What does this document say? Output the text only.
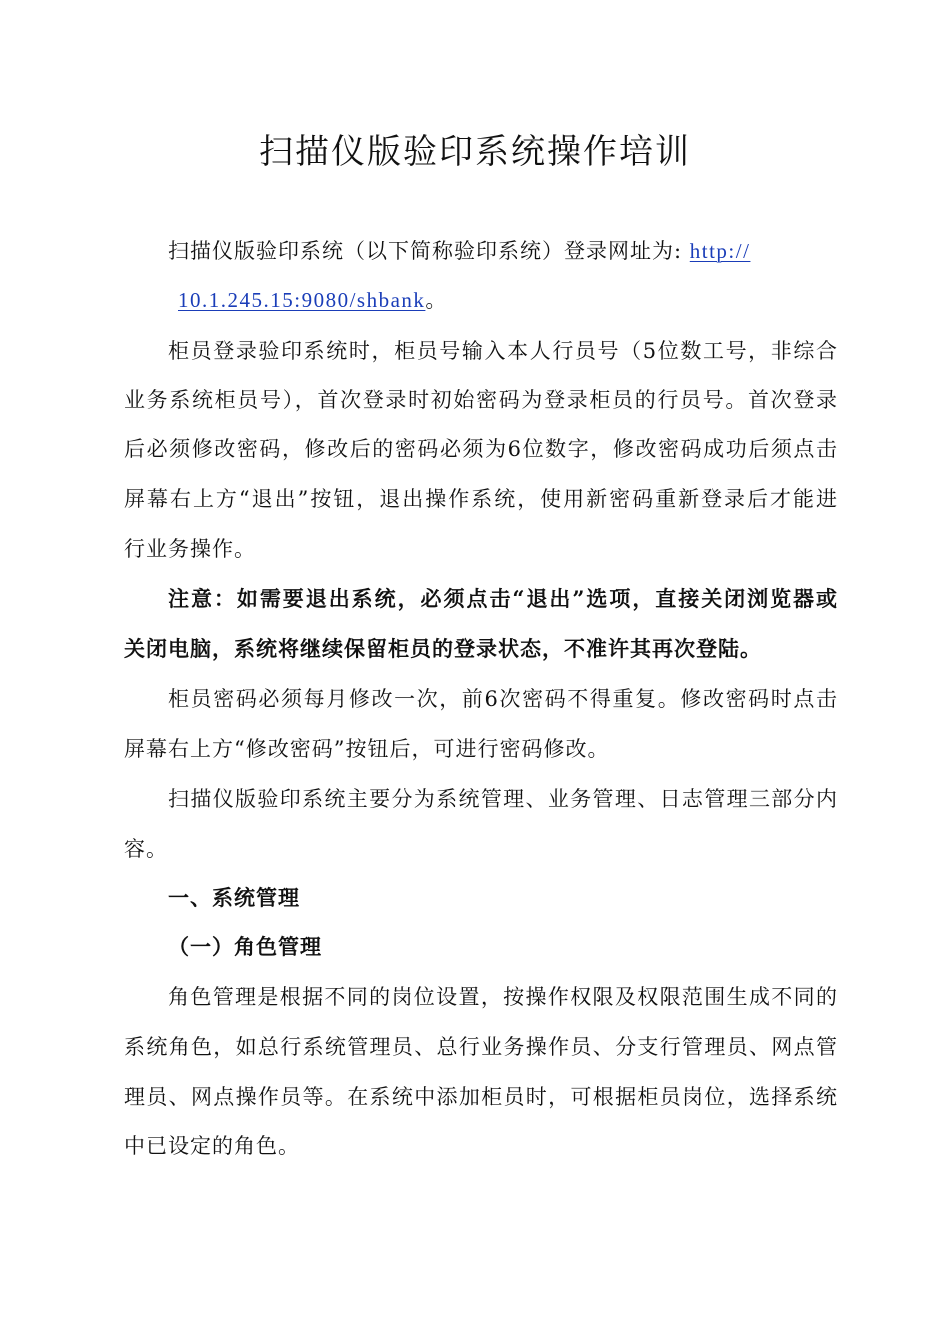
扫描仪版验印系统操作培训
扫描仪版验印系统（以下简称验印系统）登录网址为: http://
10.1.245.15:9080/shbank。
柜员登录验印系统时，柜员号输入本人行员号（5位数工号，非综合
业务系统柜员号），首次登录时初始密码为登录柜员的行员号。首次登录
后必须修改密码，修改后的密码必须为6位数字，修改密码成功后须点击
屏幕右上方“退出”按钮，退出操作系统，使用新密码重新登录后才能进
行业务操作。
注意：如需要退出系统，必须点击“退出”选项，直接关闭浏览器或
关闭电脑，系统将继续保留柜员的登录状态，不准许其再次登陆。
柜员密码必须每月修改一次，前6次密码不得重复。修改密码时点击
屏幕右上方“修改密码”按钮后，可进行密码修改。
扫描仪版验印系统主要分为系统管理、业务管理、日志管理三部分内
容。
一、系统管理
（一）角色管理
角色管理是根据不同的岗位设置，按操作权限及权限范围生成不同的
系统角色，如总行系统管理员、总行业务操作员、分支行管理员、网点管
理员、网点操作员等。在系统中添加柜员时，可根据柜员岗位，选择系统
中已设定的角色。
